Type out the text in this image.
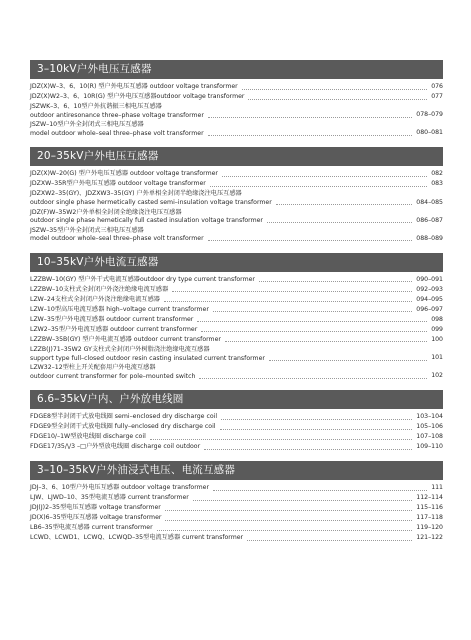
3–10kV户外电压互感器
JDZ(X)W–3、6、10(R) 型户外电压互感器 outdoor voltage transformer	076
JDZ(X)W2–3、6、10R(G) 型户外电压互感器outdoor voltage transformer	077
JSZWK–3、6、10型户外抗谐振三相电压互感器
outdoor antiresonance three–phase voltage transformer	078–079
JSZW–10型户外全封闭式三相电压互感器
model outdoor whole–seal three–phase volt transformer	080–081
20–35kV户外电压互感器
JDZ(X)W–20(G) 型户外电压互感器 outdoor voltage transformer	082
JDZXW–35R型户外电压互感器 outdoor voltage transformer	083
JDZXW2–35(GY)、JDZXW3–35(GY) 户外单相全封闭半绝缘浇注电压互感器
outdoor single phase hermetically casted semi–insulation voltage transformer	084–085
JDZ(F)W–35W2户外单相全封闭全绝缘浇注电压互感器
outdoor single phase hemetically full casted insulation voltage transformer	086–087
JSZW–35型户外全封闭式三相电压互感器
model outdoor whole–seal three–phase volt transformer	088–089
10–35kV户外电流互感器
LZZBW–10(GY) 型户外干式电流互感器outdoor dry type current transformer	090–091
LZZBW–10支柱式全封闭户外浇注绝缘电流互感器	092–093
LZW–24支柱式全封闭户外浇注绝缘电流互感器	094–095
LZW–10型高压电流互感器 high–voltage current transformer	096–097
LZW–35型户外电流互感器 outdoor current transformer	098
LZW2–35型户外电流互感器 outdoor current transformer	099
LZZBW–35B(GY) 型户外电流互感器 outdoor current transformer	100
LZZB(J)71–35W2 GY支柱式全封闭户外树脂浇注绝缘电流互感器
support type full–closed outdoor resin casting insulated current transformer	101
LZW32–12型柱上开关配套用户外电流互感器
outdoor current transformer for pole–mounted switch	102
6.6–35kV户内、户外放电线圈
FDGE8型半封闭干式放电线圈 semi–enclosed dry discharge coil	103–104
FDGE9型全封闭干式放电线圈 fully–enclosed dry discharge coil	105–106
FDGE10/–1W型放电线圈 discharge coil	107–108
FDGE17/35/\/3 –□户外型放电线圈 discharge coil outdoor	109–110
3–10–35kV户外油浸式电压、电流互感器
JDJ–3、6、10型户外电压互感器 outdoor voltage transformer	111
LJW、LJWD–10、35型电流互感器 current transformer	112–114
JDJ(J)2–35型电压互感器 voltage transformer	115–116
JD(X)6–35型电压互感器 voltage transformer	117–118
LB6–35型电流互感器 current transformer	119–120
LCWD、LCWD1、LCWQ、LCWQD–35型电流互感器 current transformer	121–122
